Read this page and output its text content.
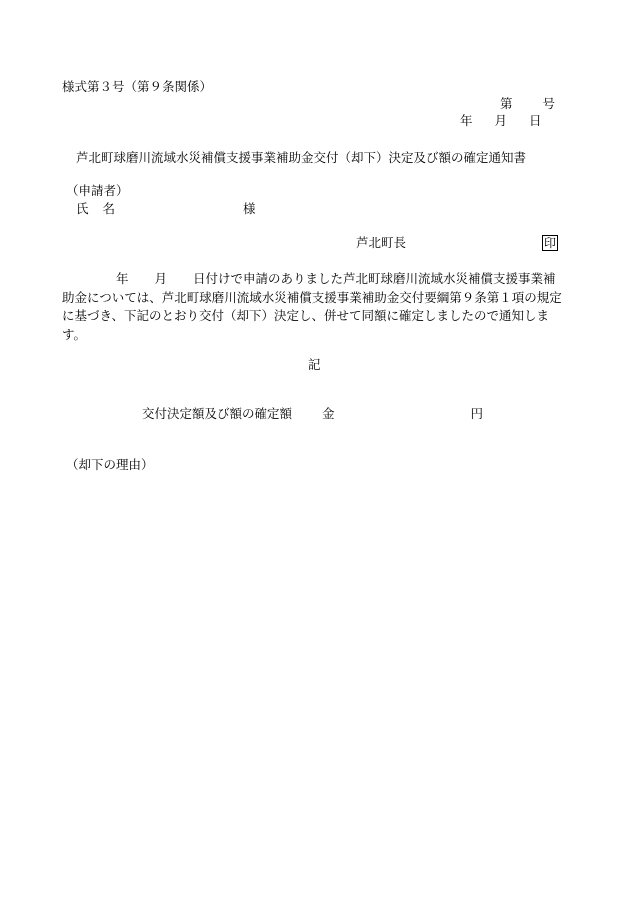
様式第３号（第９条関係）
第 号
年 月 日
芦北町球磨川流域水災補償支援事業補助金交付（却下）決定及び額の確定通知書
（申請者）
氏 名	様
芦北町長	印
年 月 日付けで申請のありました芦北町球磨川流域水災補償支援事業補助金については、芦北町球磨川流域水災補償支援事業補助金交付要綱第９条第１項の規定に基づき、下記のとおり交付（却下）決定し、併せて同額に確定しましたので通知します。
記
交付決定額及び額の確定額 金	円
（却下の理由）
